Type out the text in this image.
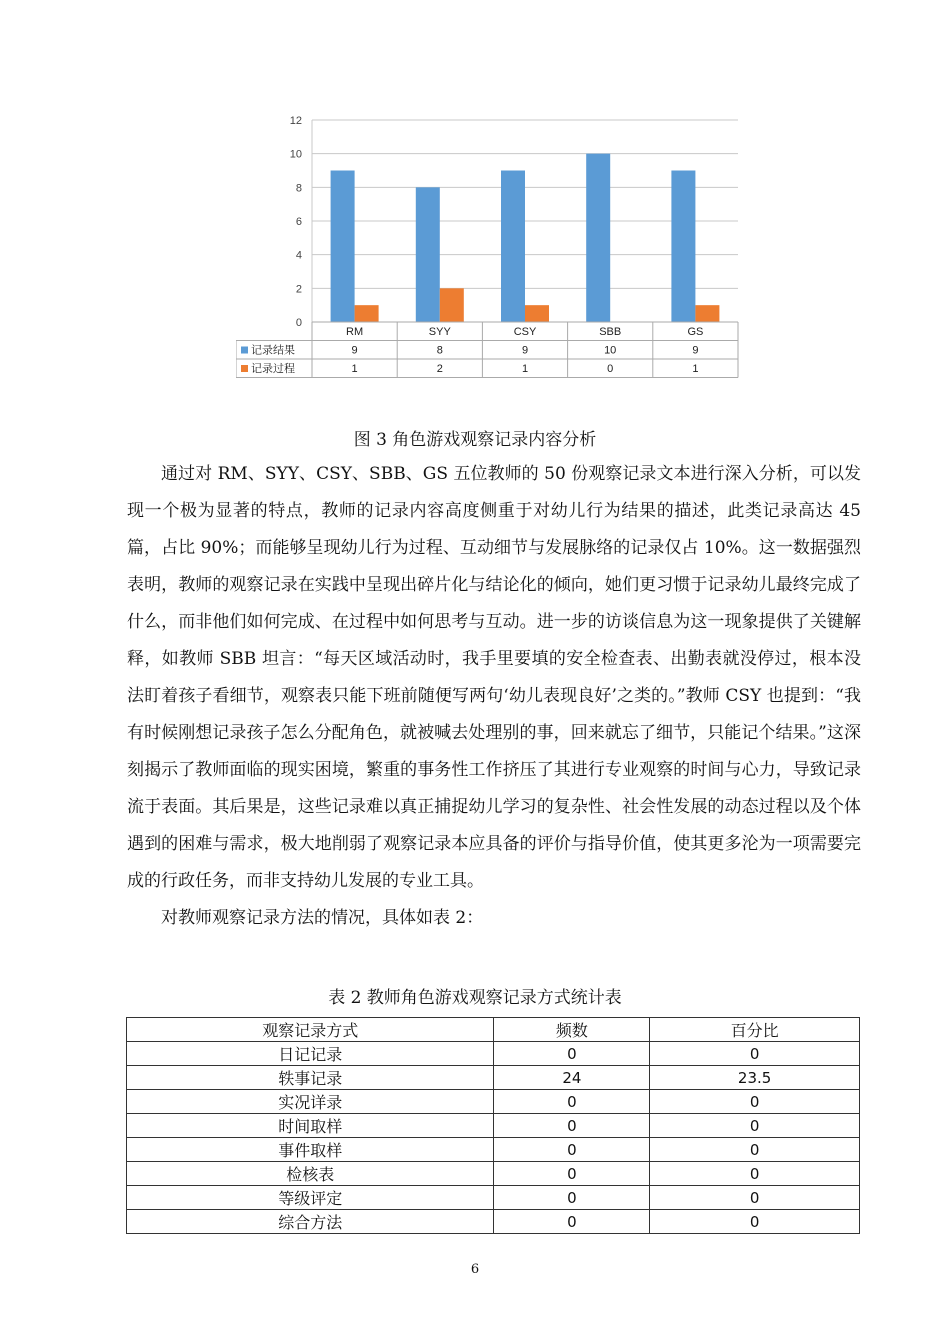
0
2
4
6
8
10
12
RM	SYY	CSY	SBB	GS
记录结果	9	8	9	10	9
记录过程	1	2	1	0	1
图 3 角色游戏观察记录内容分析

通过对 RM、SYY、CSY、SBB、GS 五位教师的 50 份观察记录文本进行深入分析，可以发现一个极为显著的特点，教师的记录内容高度侧重于对幼儿行为结果的描述，此类记录高达 45 篇，占比 90%；而能够呈现幼儿行为过程、互动细节与发展脉络的记录仅占 10%。这一数据强烈表明，教师的观察记录在实践中呈现出碎片化与结论化的倾向，她们更习惯于记录幼儿最终完成了什么，而非他们如何完成、在过程中如何思考与互动。进一步的访谈信息为这一现象提供了关键解释，如教师 SBB 坦言：“每天区域活动时，我手里要填的安全检查表、出勤表就没停过，根本没法盯着孩子看细节，观察表只能下班前随便写两句‘幼儿表现良好’之类的。”教师 CSY 也提到：“我有时候刚想记录孩子怎么分配角色，就被喊去处理别的事，回来就忘了细节，只能记个结果。”这深刻揭示了教师面临的现实困境，繁重的事务性工作挤压了其进行专业观察的时间与心力，导致记录流于表面。其后果是，这些记录难以真正捕捉幼儿学习的复杂性、社会性发展的动态过程以及个体遇到的困难与需求，极大地削弱了观察记录本应具备的评价与指导价值，使其更多沦为一项需要完成的行政任务，而非支持幼儿发展的专业工具。

对教师观察记录方法的情况，具体如表 2：

表 2 教师角色游戏观察记录方式统计表
观察记录方式	频数	百分比
日记记录	0	0
轶事记录	24	23.5
实况详录	0	0
时间取样	0	0
事件取样	0	0
检核表	0	0
等级评定	0	0
综合方法	0	0
6
